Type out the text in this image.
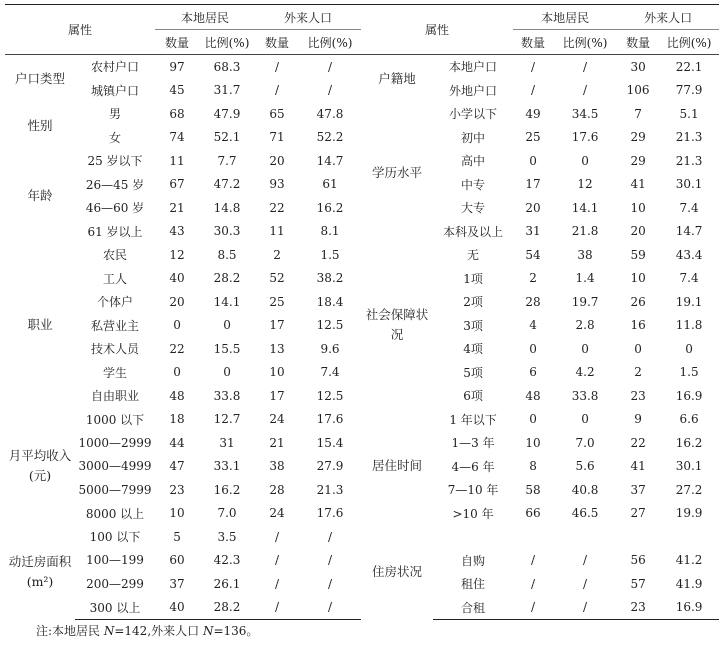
属性		本地居民		外来人口		属性		本地居民		外来人口	
		数量	比例(%)	数量	比例(%)			数量	比例(%)	数量	比例(%)
户口类型	农村户口	97	68.3	/	/	户籍地	本地户口	/	/	30	22.1
	城镇户口	45	31.7	/	/		外地户口	/	/	106	77.9
性别	男	68	47.9	65	47.8	学历水平	小学以下	49	34.5	7	5.1
	女	74	52.1	71	52.2		初中	25	17.6	29	21.3
年龄	25 岁以下	11	7.7	20	14.7		高中	0	0	29	21.3
	26—45 岁	67	47.2	93	61		中专	17	12	41	30.1
	46—60 岁	21	14.8	22	16.2		大专	20	14.1	10	7.4
	61 岁以上	43	30.3	11	8.1		本科及以上	31	21.8	20	14.7
职业	农民	12	8.5	2	1.5	社会保障状况	无	54	38	59	43.4
	工人	40	28.2	52	38.2		1项	2	1.4	10	7.4
	个体户	20	14.1	25	18.4		2项	28	19.7	26	19.1
	私营业主	0	0	17	12.5		3项	4	2.8	16	11.8
	技术人员	22	15.5	13	9.6		4项	0	0	0	0
	学生	0	0	10	7.4		5项	6	4.2	2	1.5
	自由职业	48	33.8	17	12.5		6项	48	33.8	23	16.9
月平均收入(元)	1000 以下	18	12.7	24	17.6	居住时间	1 年以下	0	0	9	6.6
	1000—2999	44	31	21	15.4		1—3 年	10	7.0	22	16.2
	3000—4999	47	33.1	38	27.9		4—6 年	8	5.6	41	30.1
	5000—7999	23	16.2	28	21.3		7—10 年	58	40.8	37	27.2
	8000 以上	10	7.0	24	17.6		>10 年	66	46.5	27	19.9
动迁房面积(m²)	100 以下	5	3.5	/	/	住房状况					
	100—199	60	42.3	/	/		自购	/	/	56	41.2
	200—299	37	26.1	/	/		租住	/	/	57	41.9
	300 以上	40	28.2	/	/		合租	/	/	23	16.9
注:本地居民 N=142,外来人口 N=136。
